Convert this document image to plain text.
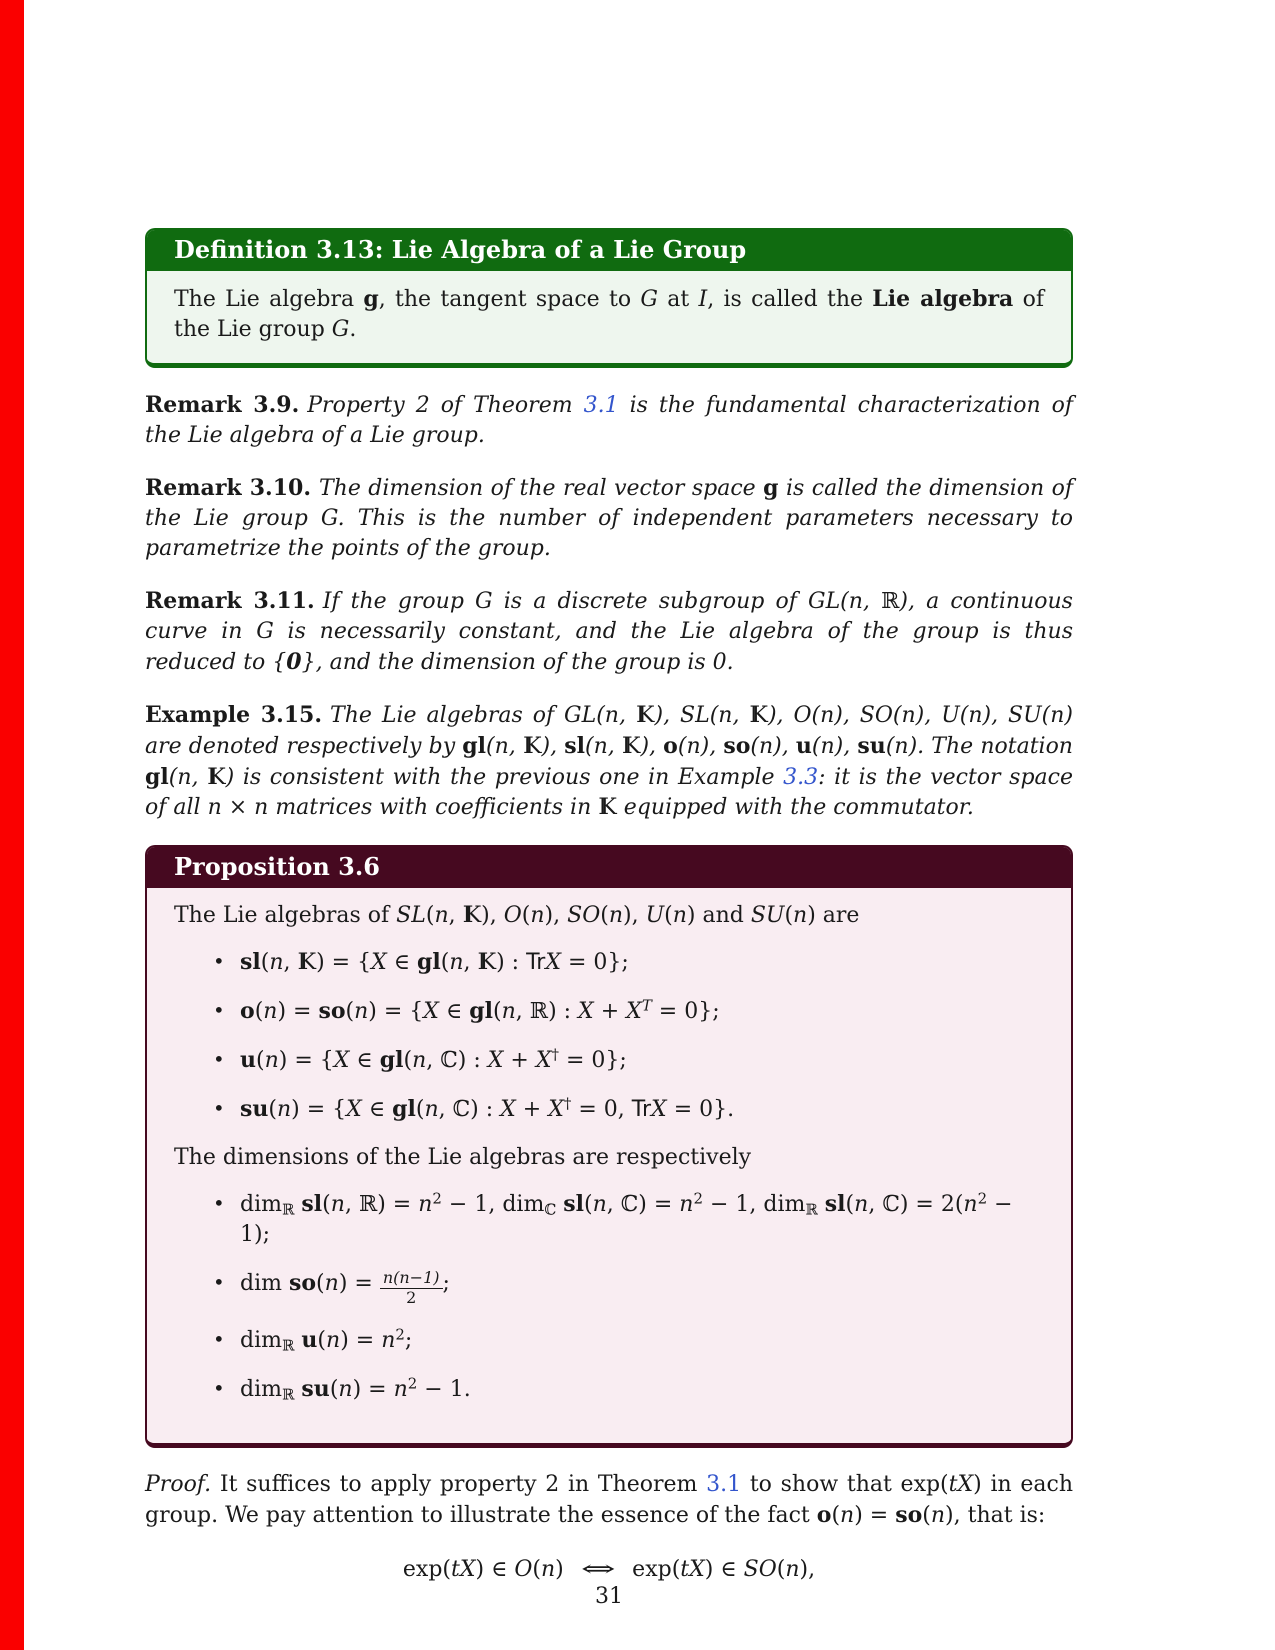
Definition 3.13: Lie Algebra of a Lie Group
The Lie algebra g, the tangent space to G at I, is called the Lie algebra of the Lie group G.

Remark 3.9. Property 2 of Theorem 3.1 is the fundamental characterization of the Lie algebra of a Lie group.

Remark 3.10. The dimension of the real vector space g is called the dimension of the Lie group G. This is the number of independent parameters necessary to parametrize the points of the group.

Remark 3.11. If the group G is a discrete subgroup of GL(n, ℝ), a continuous curve in G is necessarily constant, and the Lie algebra of the group is thus reduced to {0}, and the dimension of the group is 0.

Example 3.15. The Lie algebras of GL(n, I K), SL(n, I K), O(n), SO(n), U(n), SU(n) are denoted respectively by gl(n, I K), sl(n, I K), o(n), so(n), u(n), su(n). The notation gl(n, I K) is consistent with the previous one in Example 3.3: it is the vector space of all n × n matrices with coefficients in I K equipped with the commutator.

Proposition 3.6

The Lie algebras of SL(n, I K), O(n), SO(n), U(n) and SU(n) are

• sl(n, I K) = {X ∈ gl(n, I K) : TrX = 0};
• o(n) = so(n) = {X ∈ gl(n, ℝ) : $X + X^T = 0$};
• u(n) = {X ∈ gl(n, ℂ) : X + X† = 0};
• su(n) = {X ∈ gl(n, ℂ) : X + X† = 0, TrX = 0}.

The dimensions of the Lie algebras are respectively

• dim$_ℝ$ sl(n, ℝ) = $n^2 - 1$, dim$_ℂ$ sl(n, ℂ) = $n^2 - 1$, dim$_ℝ$ sl(n, ℂ) = $2(n^2 - 1)$;
• dim $so(n) = \frac{n(n-1)}{2}$ ;
• dim$_ℝ$ $u(n) = n^2$;
• dim$_ℝ$ $su(n) = n^2 - 1$.

Proof. It suffices to apply property 2 in Theorem 3.1 to show that exp(tX) in each group. We pay attention to illustrate the essence of the fact o(n) = so(n), that is:

exp(tX) ∈ O(n) ⇔ exp(tX) ∈ SO(n),
31
